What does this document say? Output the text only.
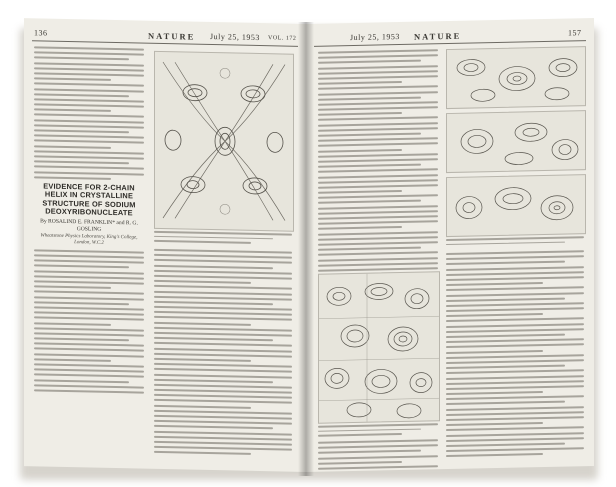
136	NATURE July 25, 1953 VOL. 172
EVIDENCE FOR 2-CHAIN HELIX IN CRYSTALLINE STRUCTURE OF SODIUM DEOXYRIBONUCLEATE
By ROSALIND E. FRANKLIN* and R. G. GOSLING
Wheatstone Physics Laboratory, King's College, London, W.C.2
NATURE
July 25, 1953	157
